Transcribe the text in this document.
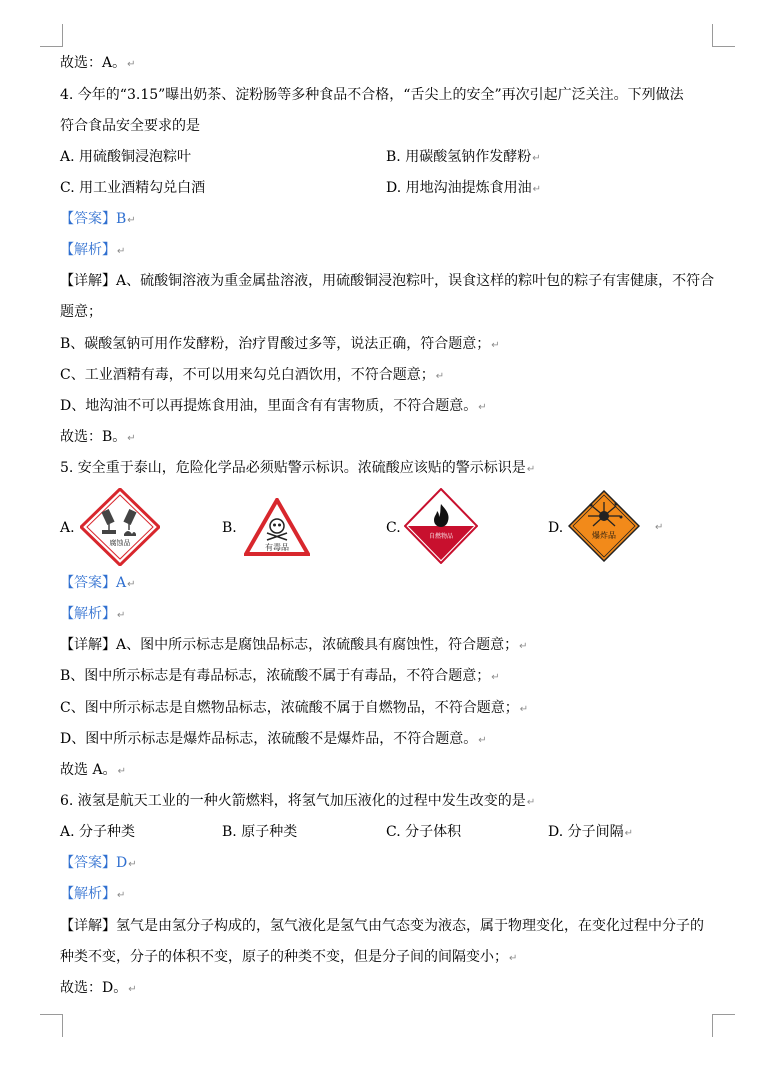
故选：A。↵
4. 今年的“3.15”曝出奶茶、淀粉肠等多种食品不合格，“舌尖上的安全”再次引起广泛关注。下列做法
符合食品安全要求的是
A. 用硫酸铜浸泡粽叶	B. 用碳酸氢钠作发酵粉↵
C. 用工业酒精勾兑白酒	D. 用地沟油提炼食用油↵
【答案】B↵
【解析】↵
【详解】A、硫酸铜溶液为重金属盐溶液，用硫酸铜浸泡粽叶，误食这样的粽叶包的粽子有害健康，不符合
题意；
B、碳酸氢钠可用作发酵粉，治疗胃酸过多等，说法正确，符合题意；↵
C、工业酒精有毒，不可以用来勾兑白酒饮用，不符合题意；↵
D、地沟油不可以再提炼食用油，里面含有有害物质，不符合题意。↵
故选：B。↵
5. 安全重于泰山，危险化学品必须贴警示标识。浓硫酸应该贴的警示标识是↵
A.
腐蚀品
B.
有毒品
C.
自燃物品
D.	爆炸品
↵
【答案】A↵
【解析】↵
【详解】A、图中所示标志是腐蚀品标志，浓硫酸具有腐蚀性，符合题意；↵
B、图中所示标志是有毒品标志，浓硫酸不属于有毒品，不符合题意；↵
C、图中所示标志是自燃物品标志，浓硫酸不属于自燃物品，不符合题意；↵
D、图中所示标志是爆炸品标志，浓硫酸不是爆炸品，不符合题意。↵
故选 A。↵
6. 液氢是航天工业的一种火箭燃料，将氢气加压液化的过程中发生改变的是↵
A. 分子种类	B. 原子种类	C. 分子体积	D. 分子间隔↵
【答案】D↵
【解析】↵
【详解】氢气是由氢分子构成的，氢气液化是氢气由气态变为液态，属于物理变化，在变化过程中分子的
种类不变，分子的体积不变，原子的种类不变，但是分子间的间隔变小；↵
故选：D。↵
